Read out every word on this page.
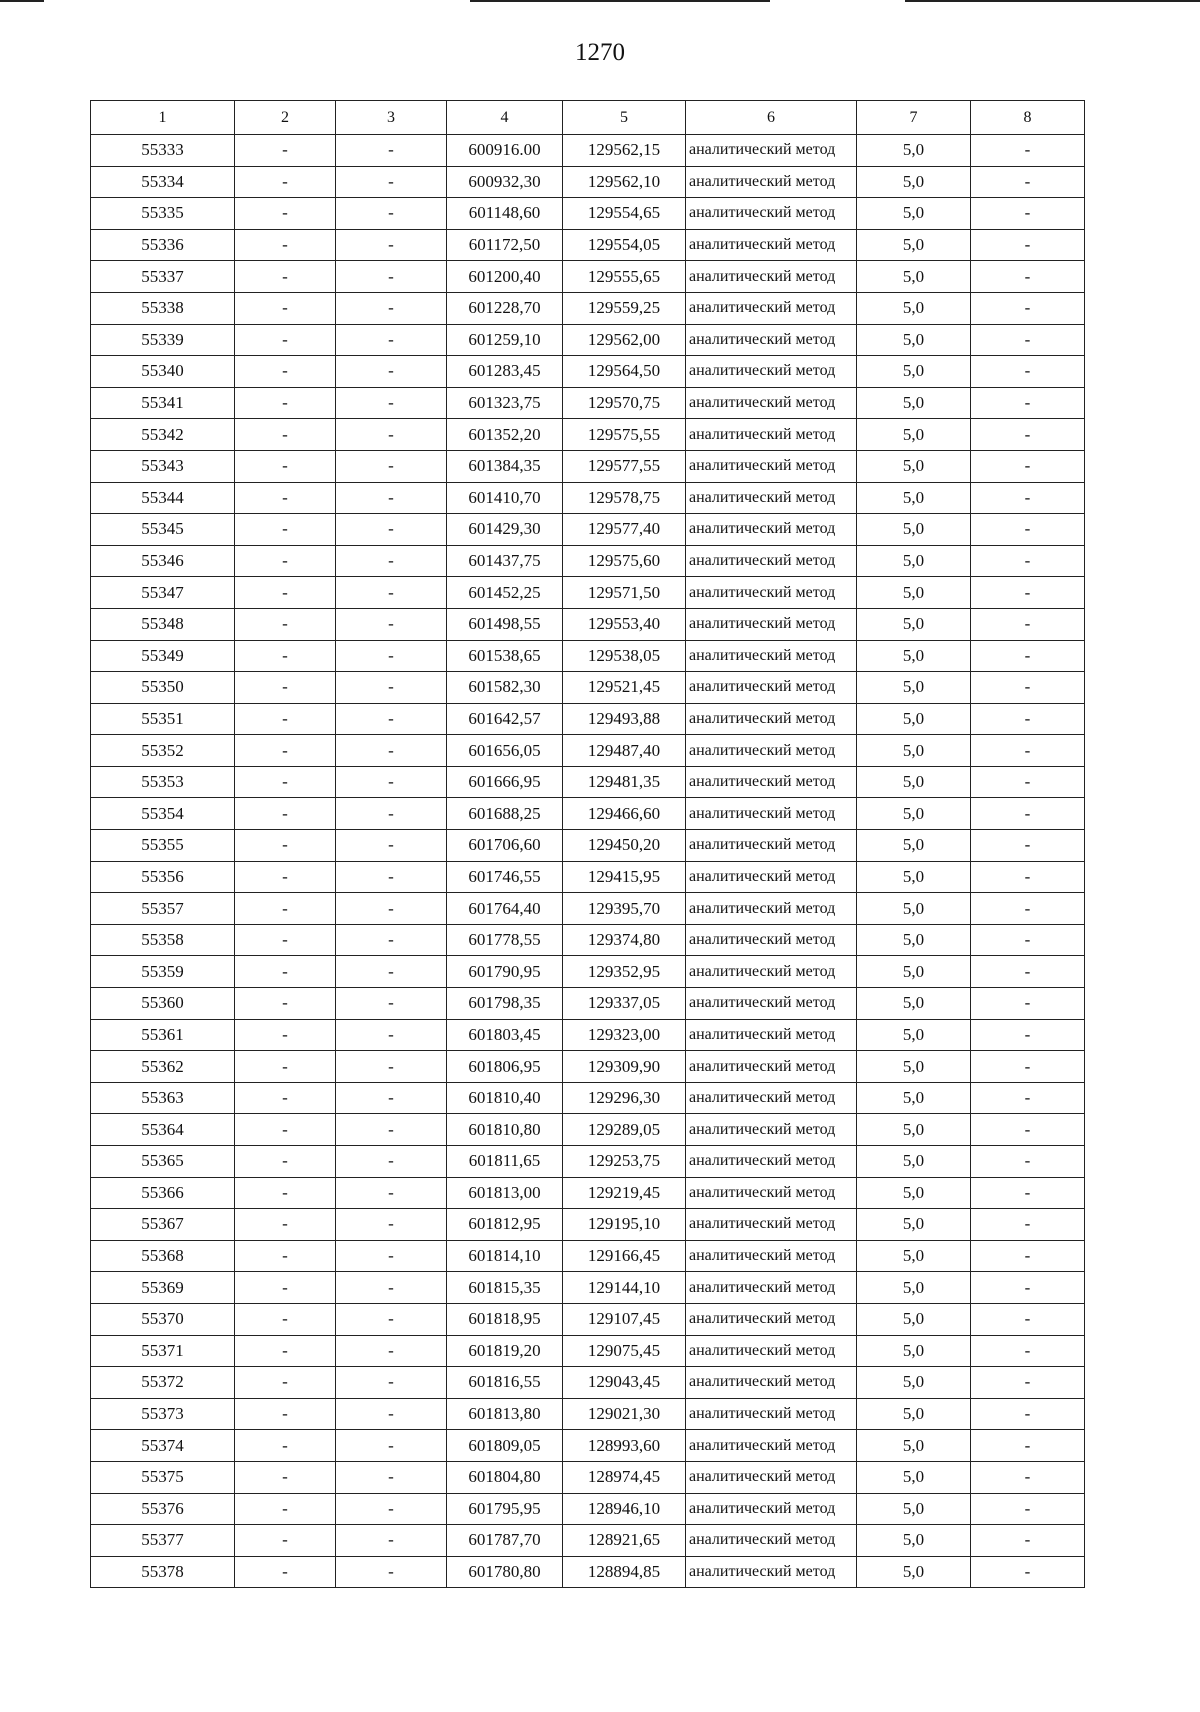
1270
1	2	3	4	5	6	7	8
55333	-	-	600916.00	129562,15	аналитический метод	5,0	-
55334	-	-	600932,30	129562,10	аналитический метод	5,0	-
55335	-	-	601148,60	129554,65	аналитический метод	5,0	-
55336	-	-	601172,50	129554,05	аналитический метод	5,0	-
55337	-	-	601200,40	129555,65	аналитический метод	5,0	-
55338	-	-	601228,70	129559,25	аналитический метод	5,0	-
55339	-	-	601259,10	129562,00	аналитический метод	5,0	-
55340	-	-	601283,45	129564,50	аналитический метод	5,0	-
55341	-	-	601323,75	129570,75	аналитический метод	5,0	-
55342	-	-	601352,20	129575,55	аналитический метод	5,0	-
55343	-	-	601384,35	129577,55	аналитический метод	5,0	-
55344	-	-	601410,70	129578,75	аналитический метод	5,0	-
55345	-	-	601429,30	129577,40	аналитический метод	5,0	-
55346	-	-	601437,75	129575,60	аналитический метод	5,0	-
55347	-	-	601452,25	129571,50	аналитический метод	5,0	-
55348	-	-	601498,55	129553,40	аналитический метод	5,0	-
55349	-	-	601538,65	129538,05	аналитический метод	5,0	-
55350	-	-	601582,30	129521,45	аналитический метод	5,0	-
55351	-	-	601642,57	129493,88	аналитический метод	5,0	-
55352	-	-	601656,05	129487,40	аналитический метод	5,0	-
55353	-	-	601666,95	129481,35	аналитический метод	5,0	-
55354	-	-	601688,25	129466,60	аналитический метод	5,0	-
55355	-	-	601706,60	129450,20	аналитический метод	5,0	-
55356	-	-	601746,55	129415,95	аналитический метод	5,0	-
55357	-	-	601764,40	129395,70	аналитический метод	5,0	-
55358	-	-	601778,55	129374,80	аналитический метод	5,0	-
55359	-	-	601790,95	129352,95	аналитический метод	5,0	-
55360	-	-	601798,35	129337,05	аналитический метод	5,0	-
55361	-	-	601803,45	129323,00	аналитический метод	5,0	-
55362	-	-	601806,95	129309,90	аналитический метод	5,0	-
55363	-	-	601810,40	129296,30	аналитический метод	5,0	-
55364	-	-	601810,80	129289,05	аналитический метод	5,0	-
55365	-	-	601811,65	129253,75	аналитический метод	5,0	-
55366	-	-	601813,00	129219,45	аналитический метод	5,0	-
55367	-	-	601812,95	129195,10	аналитический метод	5,0	-
55368	-	-	601814,10	129166,45	аналитический метод	5,0	-
55369	-	-	601815,35	129144,10	аналитический метод	5,0	-
55370	-	-	601818,95	129107,45	аналитический метод	5,0	-
55371	-	-	601819,20	129075,45	аналитический метод	5,0	-
55372	-	-	601816,55	129043,45	аналитический метод	5,0	-
55373	-	-	601813,80	129021,30	аналитический метод	5,0	-
55374	-	-	601809,05	128993,60	аналитический метод	5,0	-
55375	-	-	601804,80	128974,45	аналитический метод	5,0	-
55376	-	-	601795,95	128946,10	аналитический метод	5,0	-
55377	-	-	601787,70	128921,65	аналитический метод	5,0	-
55378	-	-	601780,80	128894,85	аналитический метод	5,0	-
